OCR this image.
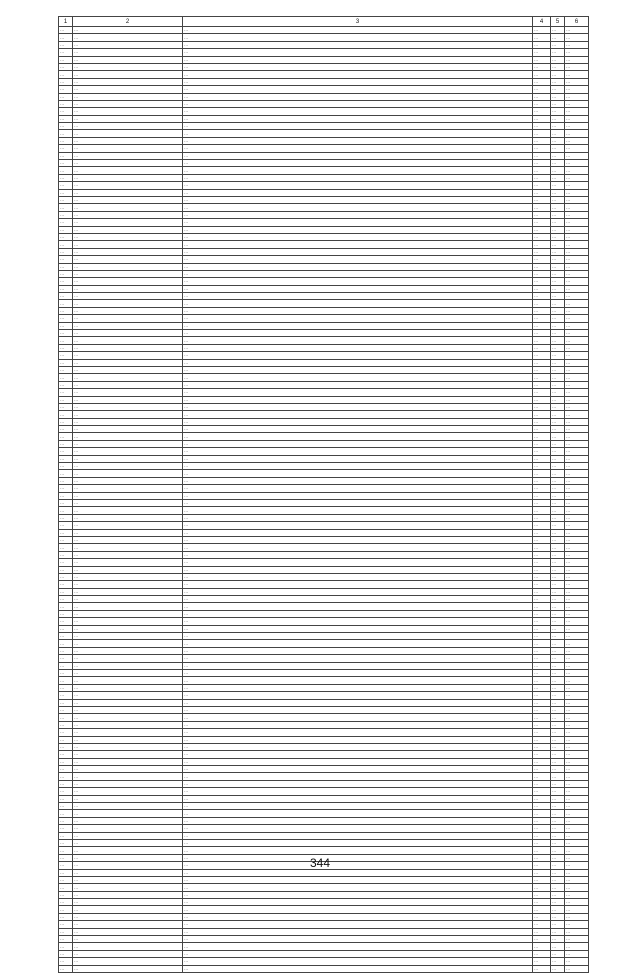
1	2	3	4	5	6
…	…	…	…	…	…
…	…	…	…	…	…
…	…	…	…	…	…
…	…	…	…	…	…
…	…	…	…	…	…
…	…	…	…	…	…
…	…	…	…	…	…
…	…	…	…	…	…
…	…	…	…	…	…
…	…	…	…	…	…
…	…	…	…	…	…
…	…	…	…	…	…
…	…	…	…	…	…
…	…	…	…	…	…
…	…	…	…	…	…
…	…	…	…	…	…
…	…	…	…	…	…
…	…	…	…	…	…
…	…	…	…	…	…
…	…	…	…	…	…
…	…	…	…	…	…
…	…	…	…	…	…
…	…	…	…	…	…
…	…	…	…	…	…
…	…	…	…	…	…
…	…	…	…	…	…
…	…	…	…	…	…
…	…	…	…	…	…
…	…	…	…	…	…
…	…	…	…	…	…
…	…	…	…	…	…
…	…	…	…	…	…
…	…	…	…	…	…
…	…	…	…	…	…
…	…	…	…	…	…
…	…	…	…	…	…
…	…	…	…	…	…
…	…	…	…	…	…
…	…	…	…	…	…
…	…	…	…	…	…
…	…	…	…	…	…
…	…	…	…	…	…
…	…	…	…	…	…
…	…	…	…	…	…
…	…	…	…	…	…
…	…	…	…	…	…
…	…	…	…	…	…
…	…	…	…	…	…
…	…	…	…	…	…
…	…	…	…	…	…
…	…	…	…	…	…
…	…	…	…	…	…
…	…	…	…	…	…
…	…	…	…	…	…
…	…	…	…	…	…
…	…	…	…	…	…
…	…	…	…	…	…
…	…	…	…	…	…
…	…	…	…	…	…
…	…	…	…	…	…
…	…	…	…	…	…
…	…	…	…	…	…
…	…	…	…	…	…
…	…	…	…	…	…
…	…	…	…	…	…
…	…	…	…	…	…
…	…	…	…	…	…
…	…	…	…	…	…
…	…	…	…	…	…
…	…	…	…	…	…
…	…	…	…	…	…
…	…	…	…	…	…
…	…	…	…	…	…
…	…	…	…	…	…
…	…	…	…	…	…
…	…	…	…	…	…
…	…	…	…	…	…
…	…	…	…	…	…
…	…	…	…	…	…
…	…	…	…	…	…
…	…	…	…	…	…
…	…	…	…	…	…
…	…	…	…	…	…
…	…	…	…	…	…
…	…	…	…	…	…
…	…	…	…	…	…
…	…	…	…	…	…
…	…	…	…	…	…
…	…	…	…	…	…
…	…	…	…	…	…
…	…	…	…	…	…
…	…	…	…	…	…
…	…	…	…	…	…
…	…	…	…	…	…
…	…	…	…	…	…
…	…	…	…	…	…
…	…	…	…	…	…
…	…	…	…	…	…
…	…	…	…	…	…
…	…	…	…	…	…
…	…	…	…	…	…
…	…	…	…	…	…
…	…	…	…	…	…
…	…	…	…	…	…
…	…	…	…	…	…
…	…	…	…	…	…
…	…	…	…	…	…
…	…	…	…	…	…
…	…	…	…	…	…
…	…	…	…	…	…
…	…	…	…	…	…
…	…	…	…	…	…
…	…	…	…	…	…
…	…	…	…	…	…
…	…	…	…	…	…
…	…	…	…	…	…
…	…	…	…	…	…
…	…	…	…	…	…
…	…	…	…	…	…
…	…	…	…	…	…
…	…	…	…	…	…
…	…	…	…	…	…
…	…	…	…	…	…
…	…	…	…	…	…
…	…	…	…	…	…
…	…	…	…	…	…
…	…	…	…	…	…
…	…	…	…	…	…
344
